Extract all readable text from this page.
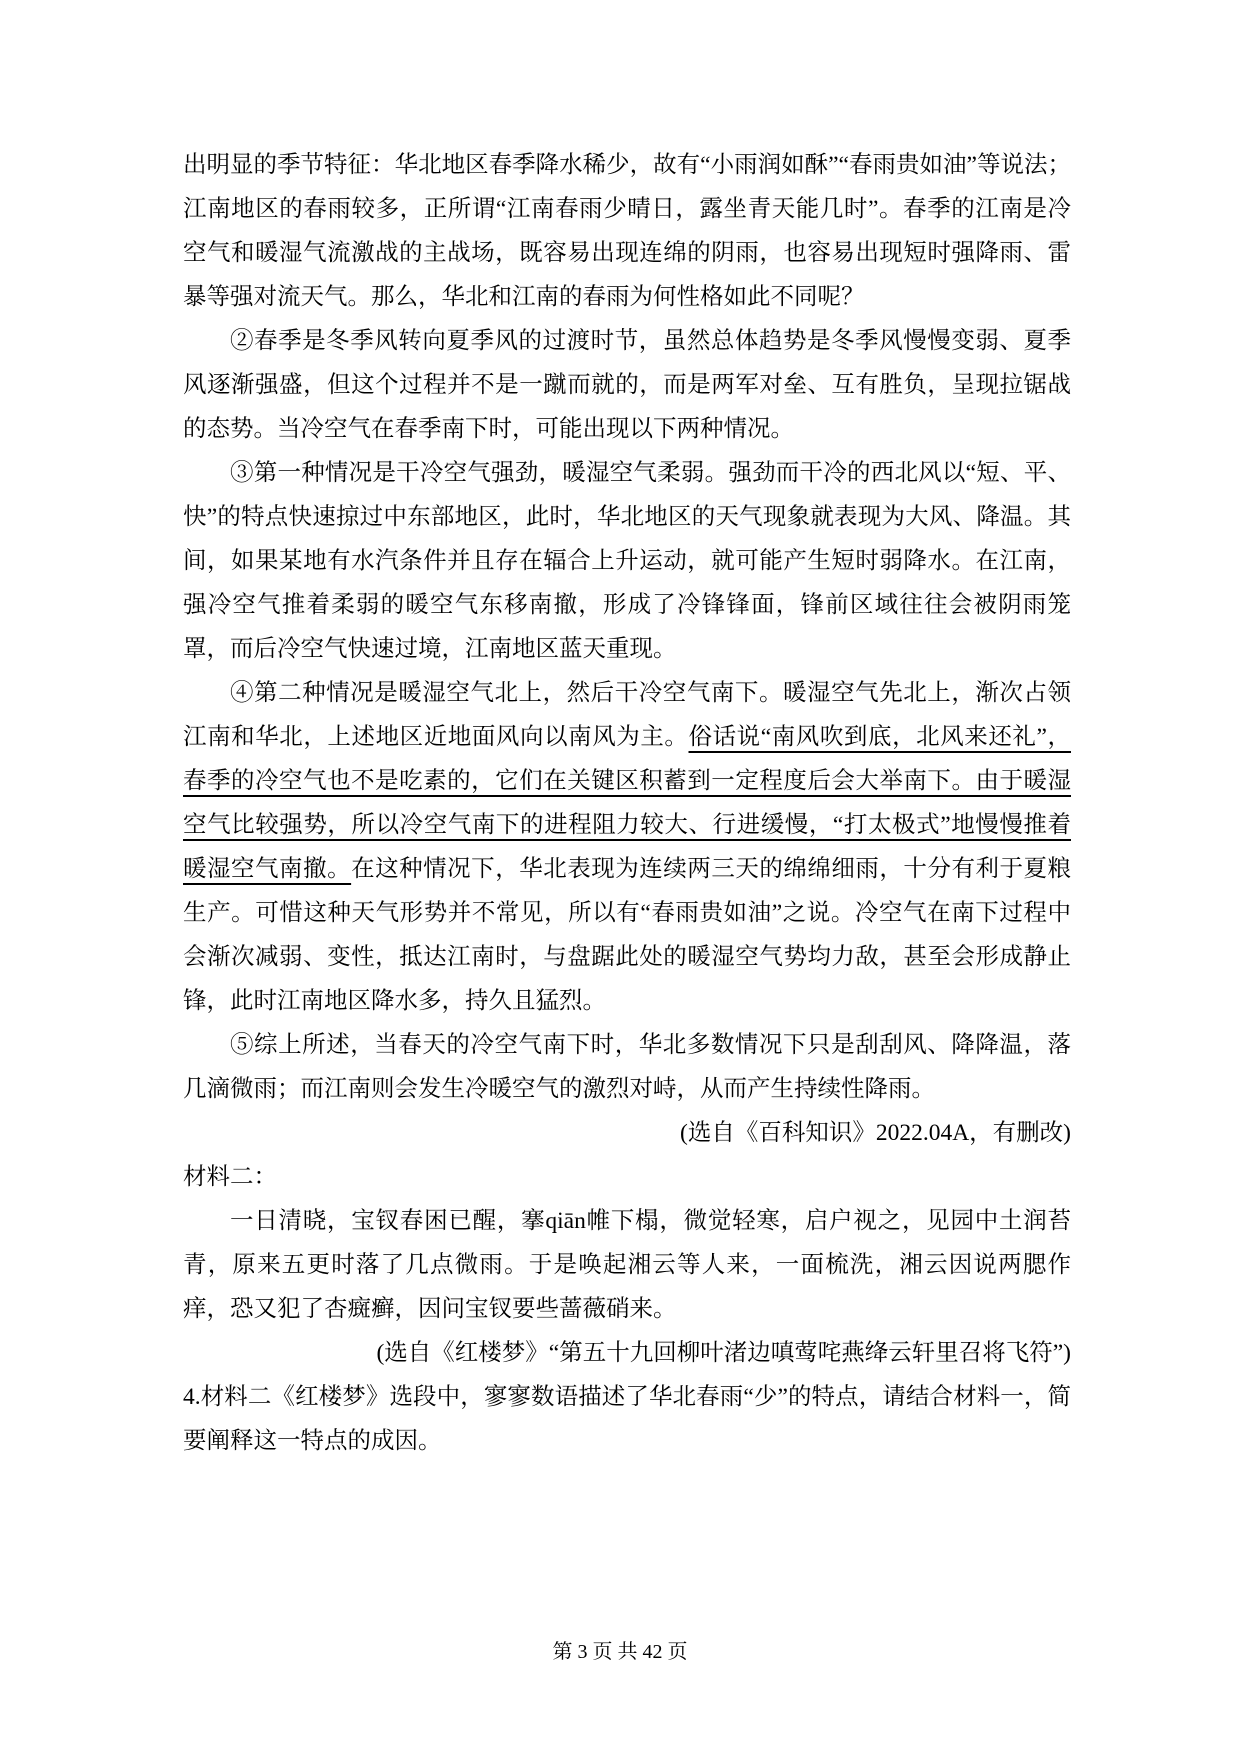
出明显的季节特征：华北地区春季降水稀少，故有“小雨润如酥”“春雨贵如油”等说法；江南地区的春雨较多，正所谓“江南春雨少晴日，露坐青天能几时”。春季的江南是冷空气和暖湿气流激战的主战场，既容易出现连绵的阴雨，也容易出现短时强降雨、雷暴等强对流天气。那么，华北和江南的春雨为何性格如此不同呢？

②春季是冬季风转向夏季风的过渡时节，虽然总体趋势是冬季风慢慢变弱、夏季风逐渐强盛，但这个过程并不是一蹴而就的，而是两军对垒、互有胜负，呈现拉锯战的态势。当冷空气在春季南下时，可能出现以下两种情况。

③第一种情况是干冷空气强劲，暖湿空气柔弱。强劲而干冷的西北风以“短、平、快”的特点快速掠过中东部地区，此时，华北地区的天气现象就表现为大风、降温。其间，如果某地有水汽条件并且存在辐合上升运动，就可能产生短时弱降水。在江南，强冷空气推着柔弱的暖空气东移南撤，形成了冷锋锋面，锋前区域往往会被阴雨笼罩，而后冷空气快速过境，江南地区蓝天重现。

④第二种情况是暖湿空气北上，然后干冷空气南下。暖湿空气先北上，渐次占领江南和华北，上述地区近地面风向以南风为主。俗话说“南风吹到底，北风来还礼”，春季的冷空气也不是吃素的，它们在关键区积蓄到一定程度后会大举南下。由于暖湿空气比较强势，所以冷空气南下的进程阻力较大、行进缓慢，“打太极式”地慢慢推着暖湿空气南撤。在这种情况下，华北表现为连续两三天的绵绵细雨，十分有利于夏粮生产。可惜这种天气形势并不常见，所以有“春雨贵如油”之说。冷空气在南下过程中会渐次减弱、变性，抵达江南时，与盘踞此处的暖湿空气势均力敌，甚至会形成静止锋，此时江南地区降水多，持久且猛烈。

⑤综上所述，当春天的冷空气南下时，华北多数情况下只是刮刮风、降降温，落几滴微雨；而江南则会发生冷暖空气的激烈对峙，从而产生持续性降雨。

(选自《百科知识》2022.04A，有删改)

材料二：

一日清晓，宝钗春困已醒，搴qiān帷下榻，微觉轻寒，启户视之，见园中土润苔青，原来五更时落了几点微雨。于是唤起湘云等人来，一面梳洗，湘云因说两腮作痒，恐又犯了杏癍癣，因问宝钗要些蔷薇硝来。

(选自《红楼梦》“第五十九回柳叶渚边嗔莺咤燕绛云轩里召将飞符”)

4.材料二《红楼梦》选段中，寥寥数语描述了华北春雨“少”的特点，请结合材料一，简要阐释这一特点的成因。

第 3 页 共 42 页
